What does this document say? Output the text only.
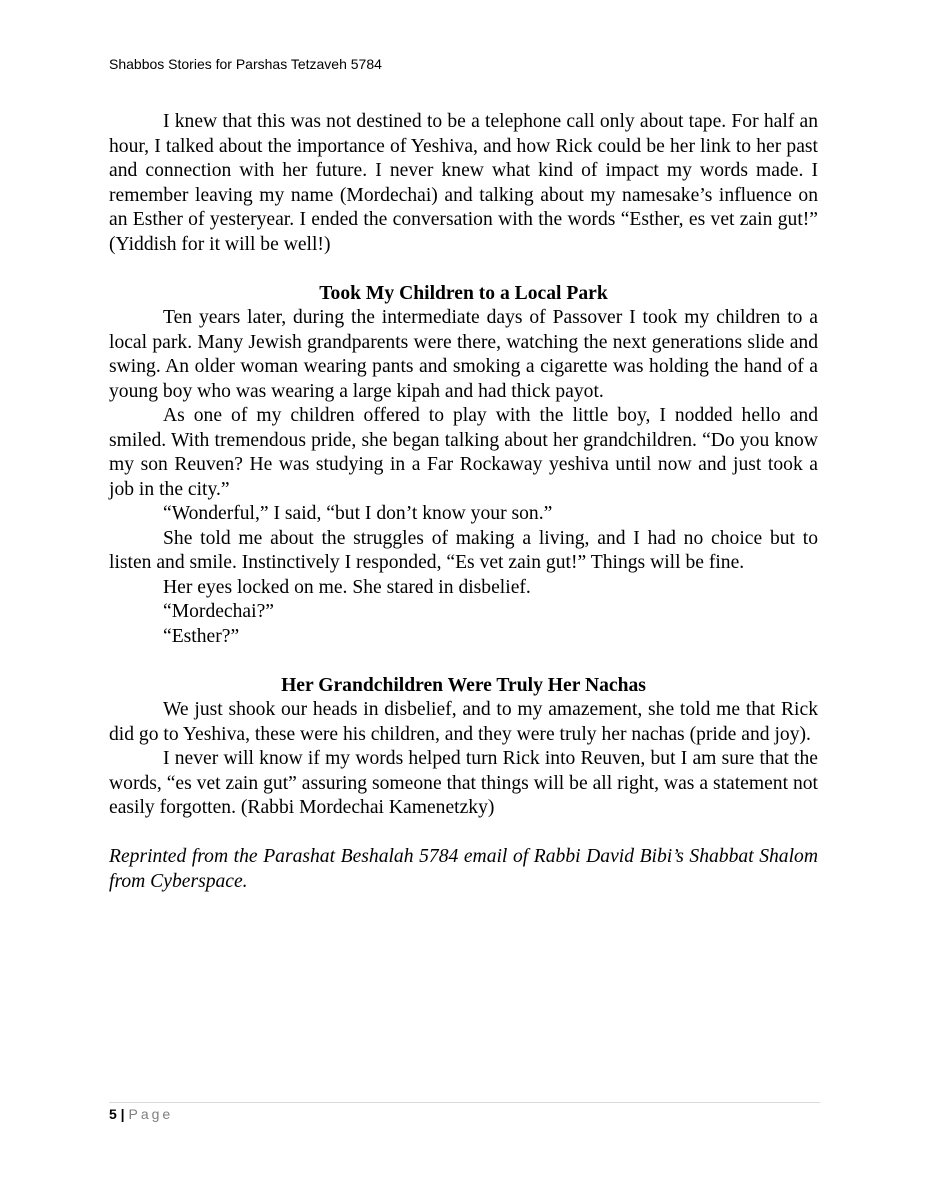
Shabbos Stories for Parshas Tetzaveh 5784

I knew that this was not destined to be a telephone call only about tape. For half an hour, I talked about the importance of Yeshiva, and how Rick could be her link to her past and connection with her future. I never knew what kind of impact my words made. I remember leaving my name (Mordechai) and talking about my namesake’s influence on an Esther of yesteryear. I ended the conversation with the words “Esther, es vet zain gut!” (Yiddish for it will be well!)

Took My Children to a Local Park

Ten years later, during the intermediate days of Passover I took my children to a local park. Many Jewish grandparents were there, watching the next generations slide and swing. An older woman wearing pants and smoking a cigarette was holding the hand of a young boy who was wearing a large kipah and had thick payot.

As one of my children offered to play with the little boy, I nodded hello and smiled. With tremendous pride, she began talking about her grandchildren. “Do you know my son Reuven? He was studying in a Far Rockaway yeshiva until now and just took a job in the city.”

“Wonderful,” I said, “but I don’t know your son.”

She told me about the struggles of making a living, and I had no choice but to listen and smile. Instinctively I responded, “Es vet zain gut!” Things will be fine.

Her eyes locked on me. She stared in disbelief.

“Mordechai?”

“Esther?”

Her Grandchildren Were Truly Her Nachas

We just shook our heads in disbelief, and to my amazement, she told me that Rick did go to Yeshiva, these were his children, and they were truly her nachas (pride and joy).

I never will know if my words helped turn Rick into Reuven, but I am sure that the words, “es vet zain gut” assuring someone that things will be all right, was a statement not easily forgotten. (Rabbi Mordechai Kamenetzky)

Reprinted from the Parashat Beshalah 5784 email of Rabbi David Bibi’s Shabbat Shalom from Cyberspace.

5 | Page
